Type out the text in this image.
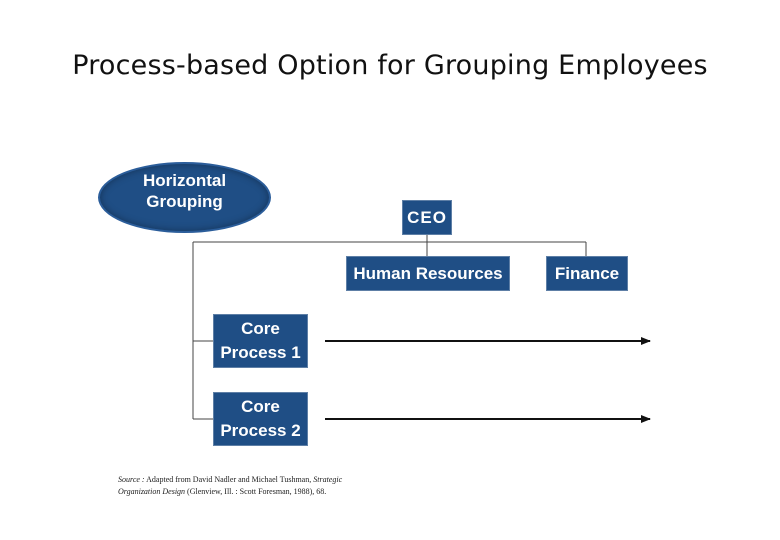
Process-based Option for Grouping Employees
Horizontal
Grouping
CEO
Human Resources	Finance
Core
Process 1
Core
Process 2
Source : Adapted from David Nadler and Michael Tushman, Strategic Organization Design (Glenview, Ill. : Scott Foresman, 1988), 68.
